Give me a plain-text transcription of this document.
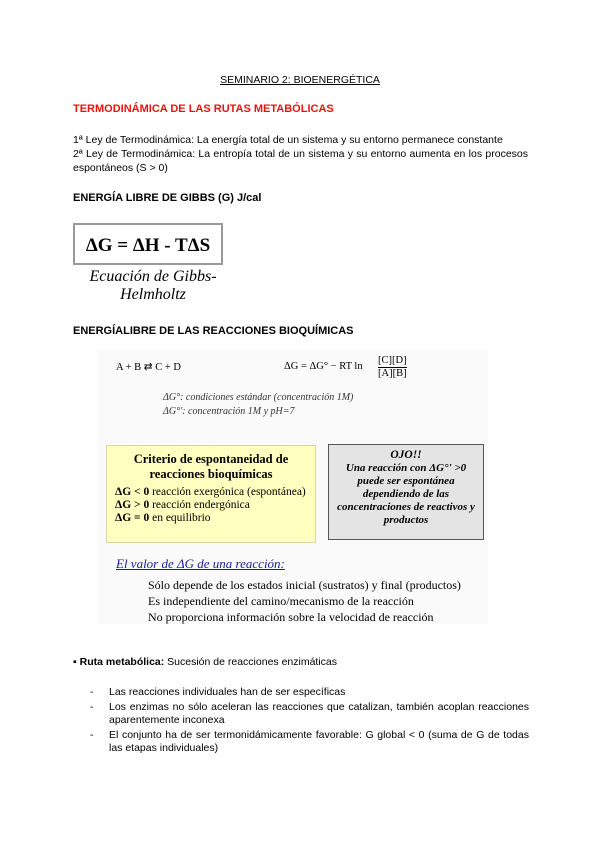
SEMINARIO 2: BIOENERGÉTICA
TERMODINÁMICA DE LAS RUTAS METABÓLICAS
1ª Ley de Termodinámica: La energía total de un sistema y su entorno permanece constante
2ª Ley de Termodinámica: La entropía total de un sistema y su entorno aumenta en los procesos espontáneos (S > 0)
ENERGÍA LIBRE DE GIBBS (G) J/cal
ΔG = ΔH - TΔS
Ecuación de Gibbs-Helmholtz
ENERGÍALIBRE DE LAS REACCIONES BIOQUÍMICAS
A + B ⇄ C + D	ΔG = ΔG° − RT $\ln \frac{[C][D]}{[A][B]}$
ΔG°: condiciones estándar (concentración 1M)
ΔG°': concentración 1M y pH=7
Criterio de espontaneidad de reacciones bioquímicas
ΔG < 0 reacción exergónica (espontánea)
ΔG > 0 reacción endergónica
ΔG = 0 en equilibrio
OJO!!
Una reacción con ΔG°' >0 puede ser espontánea dependiendo de las concentraciones de reactivos y productos
El valor de ΔG de una reacción:
Sólo depende de los estados inicial (sustratos) y final (productos)
Es independiente del camino/mecanismo de la reacción
No proporciona información sobre la velocidad de reacción
▪ Ruta metabólica: Sucesión de reacciones enzimáticas
- Las reacciones individuales han de ser específicas
- Los enzimas no sólo aceleran las reacciones que catalizan, también acoplan reacciones aparentemente inconexa
- El conjunto ha de ser termonidámicamente favorable: G global < 0 (suma de G de todas las etapas individuales)
